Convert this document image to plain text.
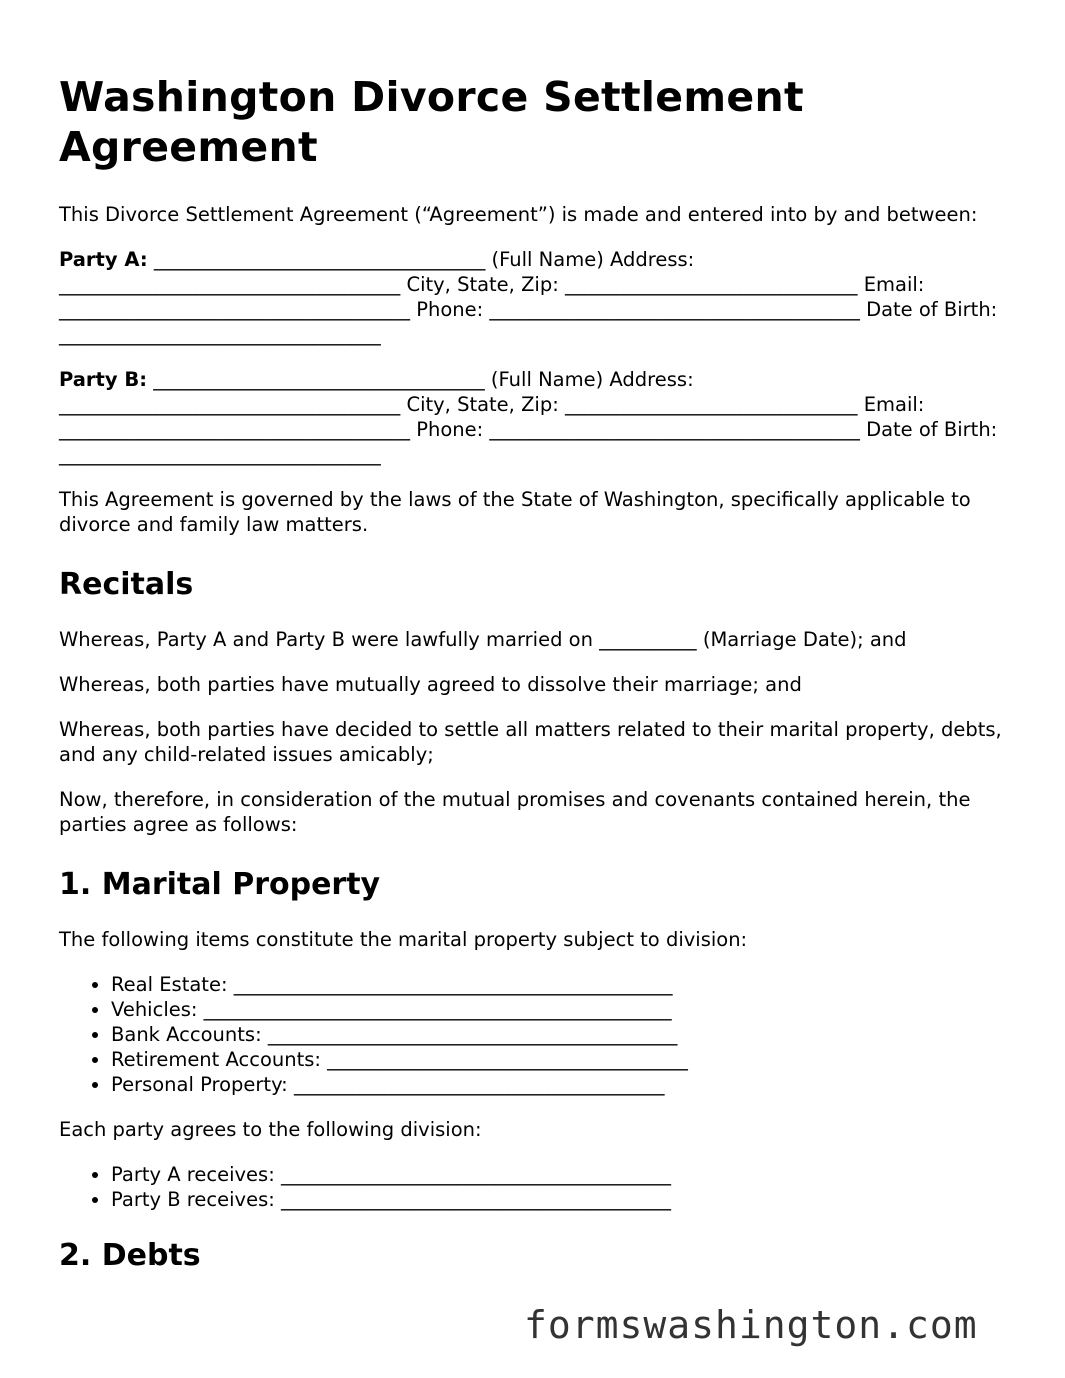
Washington Divorce Settlement Agreement

This Divorce Settlement Agreement (“Agreement”) is made and entered into by and between:

Party A: __________________________________ (Full Name) Address: ___________________________________ City, State, Zip: ______________________________ Email: ____________________________________ Phone: ______________________________________ Date of Birth: _________________________________

Party B: __________________________________ (Full Name) Address: ___________________________________ City, State, Zip: ______________________________ Email: ____________________________________ Phone: ______________________________________ Date of Birth: _________________________________

This Agreement is governed by the laws of the State of Washington, specifically applicable to divorce and family law matters.

Recitals

Whereas, Party A and Party B were lawfully married on __________ (Marriage Date); and

Whereas, both parties have mutually agreed to dissolve their marriage; and

Whereas, both parties have decided to settle all matters related to their marital property, debts, and any child-related issues amicably;

Now, therefore, in consideration of the mutual promises and covenants contained herein, the parties agree as follows:

1. Marital Property

The following items constitute the marital property subject to division:

• Real Estate: _____________________________________________
• Vehicles: ________________________________________________
• Bank Accounts: __________________________________________
• Retirement Accounts: _____________________________________
• Personal Property: ______________________________________

Each party agrees to the following division:

• Party A receives: ________________________________________
• Party B receives: ________________________________________
2. Debts
formswashington.com
